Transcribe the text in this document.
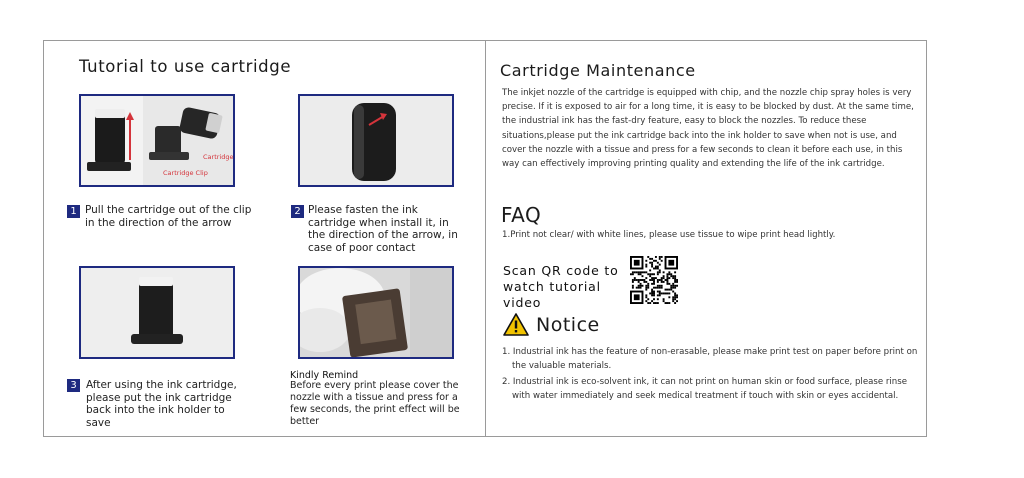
Tutorial to use cartridge
Cartridge
Cartridge Clip
1 Pull the cartridge out of the clip in the direction of the arrow
2 Please fasten the ink cartridge when install it, in the direction of the arrow, in case of poor contact
3 After using the ink cartridge, please put the ink cartridge back into the ink holder to save
Kindly Remind
Before every print please cover the nozzle with a tissue and press for a few seconds, the print effect will be better
Cartridge Maintenance
The inkjet nozzle of the cartridge is equipped with chip, and the nozzle chip spray holes is very precise. If it is exposed to air for a long time, it is easy to be blocked by dust. At the same time, the industrial ink has the fast-dry feature, easy to block the nozzles. To reduce these situations,please put the ink cartridge back into the ink holder to save when not is use, and cover the nozzle with a tissue and press for a few seconds to clean it before each use, in this way can effectively improving printing quality and extending the life of the ink cartridge.
FAQ
1.Print not clear/ with white lines, please use tissue to wipe print head lightly.
Scan QR code to watch tutorial video
Notice
1. Industrial ink has the feature of non-erasable, please make print test on paper before print on the valuable materials.
2. Industrial ink is eco-solvent ink, it can not print on human skin or food surface, please rinse with water immediately and seek medical treatment if touch with skin or eyes accidental.
